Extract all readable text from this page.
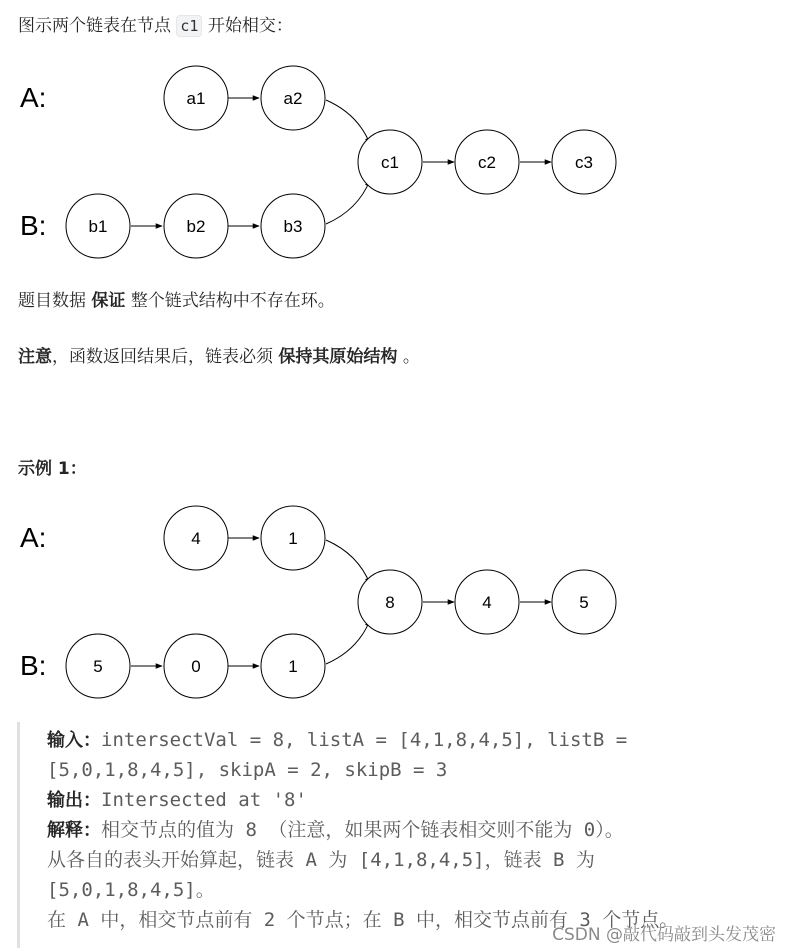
图示两个链表在节点 c1 开始相交：
A:
B:
a1	a2
b1	b2	b3
c1	c2	c3
题目数据 保证 整个链式结构中不存在环。
注意，函数返回结果后，链表必须 保持其原始结构 。
示例 1：
A:
B:
4	1
5	0	1
8	4	5
输入：intersectVal = 8, listA = [4,1,8,4,5], listB =
[5,0,1,8,4,5], skipA = 2, skipB = 3
输出：Intersected at '8'
解释：相交节点的值为 8 （注意，如果两个链表相交则不能为 0）。
从各自的表头开始算起，链表 A 为 [4,1,8,4,5]，链表 B 为
[5,0,1,8,4,5]。
在 A 中，相交节点前有 2 个节点；在 B 中，相交节点前有 3 个节点。
CSDN @敲代码敲到头发茂密
